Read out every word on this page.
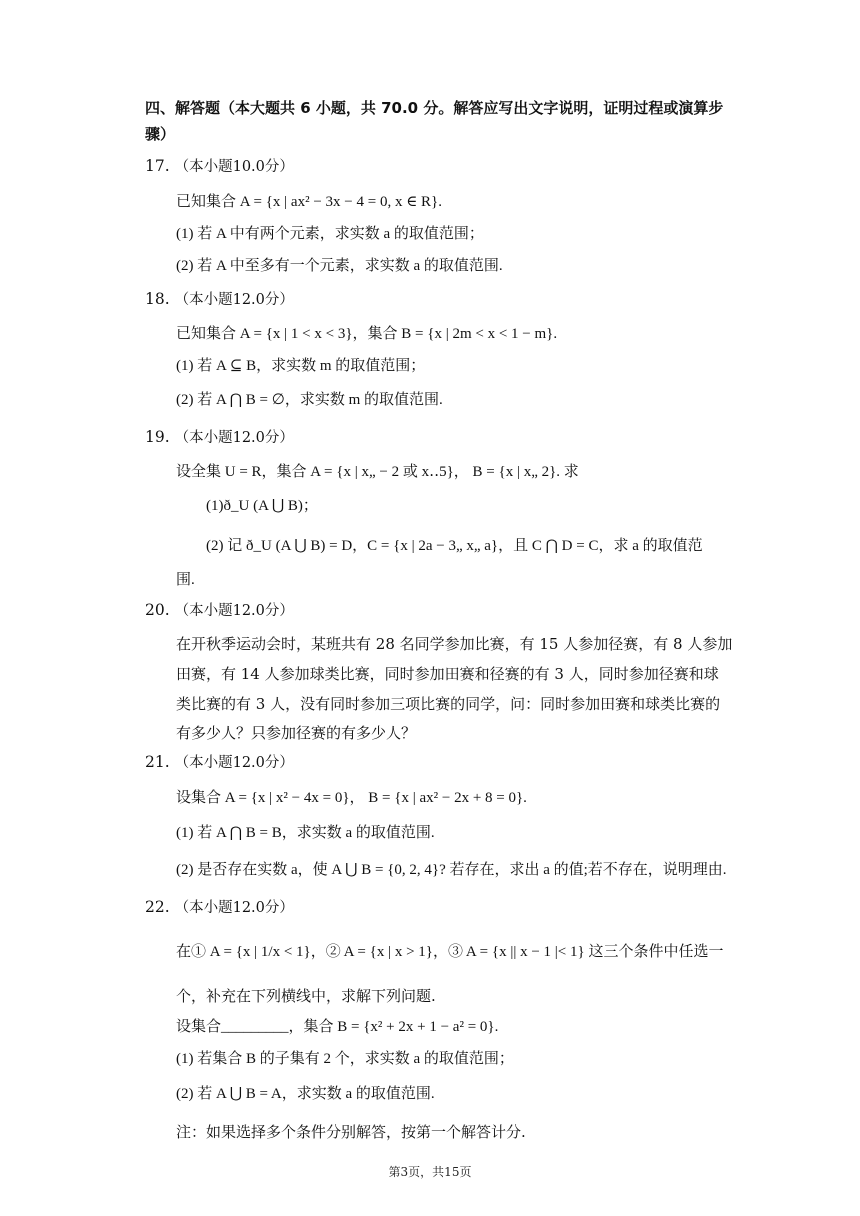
四、解答题（本大题共 6 小题，共 70.0 分。解答应写出文字说明，证明过程或演算步
骤）
17. （本小题10.0分）
已知集合 A = {x | ax² − 3x − 4 = 0, x ∈ R}.
(1) 若 A 中有两个元素，求实数 a 的取值范围；
(2) 若 A 中至多有一个元素，求实数 a 的取值范围.
18. （本小题12.0分）
已知集合 A = {x | 1 < x < 3}，集合 B = {x | 2m < x < 1 − m}.
(1) 若 A ⊆ B，求实数 m 的取值范围；
(2) 若 A ⋂ B = ∅，求实数 m 的取值范围.
19. （本小题12.0分）
设全集 U = R，集合 A = {x | x„ − 2 或 x‥5}， B = {x | x„ 2}. 求
(1)ð_U (A ⋃ B)；
(2) 记 ð_U (A ⋃ B) = D，C = {x | 2a − 3„ x„ a}，且 C ⋂ D = C，求 a 的取值范
围.
20. （本小题12.0分）
在开秋季运动会时，某班共有 28 名同学参加比赛，有 15 人参加径赛，有 8 人参加
田赛，有 14 人参加球类比赛，同时参加田赛和径赛的有 3 人，同时参加径赛和球
类比赛的有 3 人，没有同时参加三项比赛的同学，问：同时参加田赛和球类比赛的
有多少人？只参加径赛的有多少人？
21. （本小题12.0分）
设集合 A = {x | x² − 4x = 0}， B = {x | ax² − 2x + 8 = 0}.
(1) 若 A ⋂ B = B，求实数 a 的取值范围.
(2) 是否存在实数 a，使 A ⋃ B = {0, 2, 4}? 若存在，求出 a 的值;若不存在，说明理由.
22. （本小题12.0分）
在① A = {x | 1/x < 1}，② A = {x | x > 1}，③ A = {x || x − 1 |< 1} 这三个条件中任选一
个，补充在下列横线中，求解下列问题.
设集合_________，集合 B = {x² + 2x + 1 − a² = 0}.
(1) 若集合 B 的子集有 2 个，求实数 a 的取值范围；
(2) 若 A ⋃ B = A，求实数 a 的取值范围.
注：如果选择多个条件分别解答，按第一个解答计分.
第3页，共15页
